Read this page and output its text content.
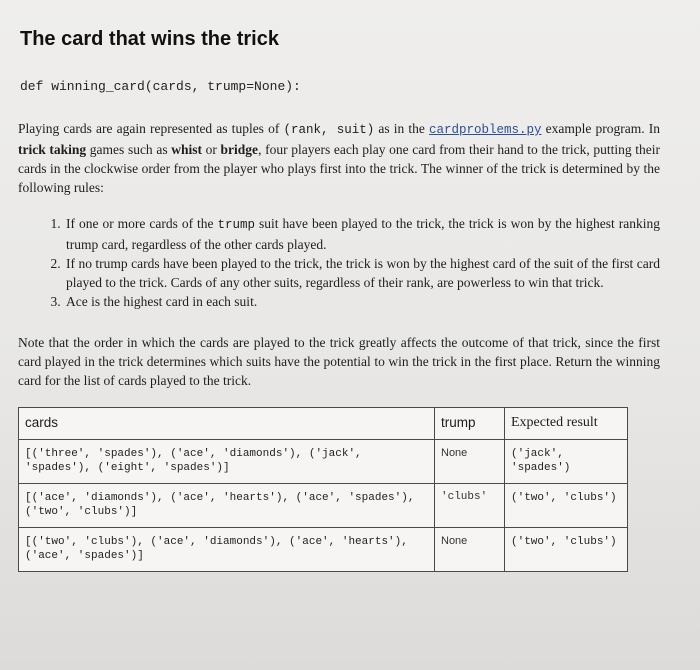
The card that wins the trick
def winning_card(cards, trump=None):

Playing cards are again represented as tuples of (rank, suit) as in the cardproblems.py example program. In trick taking games such as whist or bridge, four players each play one card from their hand to the trick, putting their cards in the clockwise order from the player who plays first into the trick. The winner of the trick is determined by the following rules:

1. If one or more cards of the trump suit have been played to the trick, the trick is won by the highest ranking trump card, regardless of the other cards played.
2. If no trump cards have been played to the trick, the trick is won by the highest card of the suit of the first card played to the trick. Cards of any other suits, regardless of their rank, are powerless to win that trick.
3. Ace is the highest card in each suit.

Note that the order in which the cards are played to the trick greatly affects the outcome of that trick, since the first card played in the trick determines which suits have the potential to win the trick in the first place. Return the winning card for the list of cards played to the trick.

cards	trump	Expected result
[('three', 'spades'), ('ace', 'diamonds'), ('jack', 'spades'), ('eight', 'spades')]	None	('jack', 'spades')
[('ace', 'diamonds'), ('ace', 'hearts'), ('ace', 'spades'), ('two', 'clubs')]	'clubs'	('two', 'clubs')
[('two', 'clubs'), ('ace', 'diamonds'), ('ace', 'hearts'), ('ace', 'spades')]	None	('two', 'clubs')
